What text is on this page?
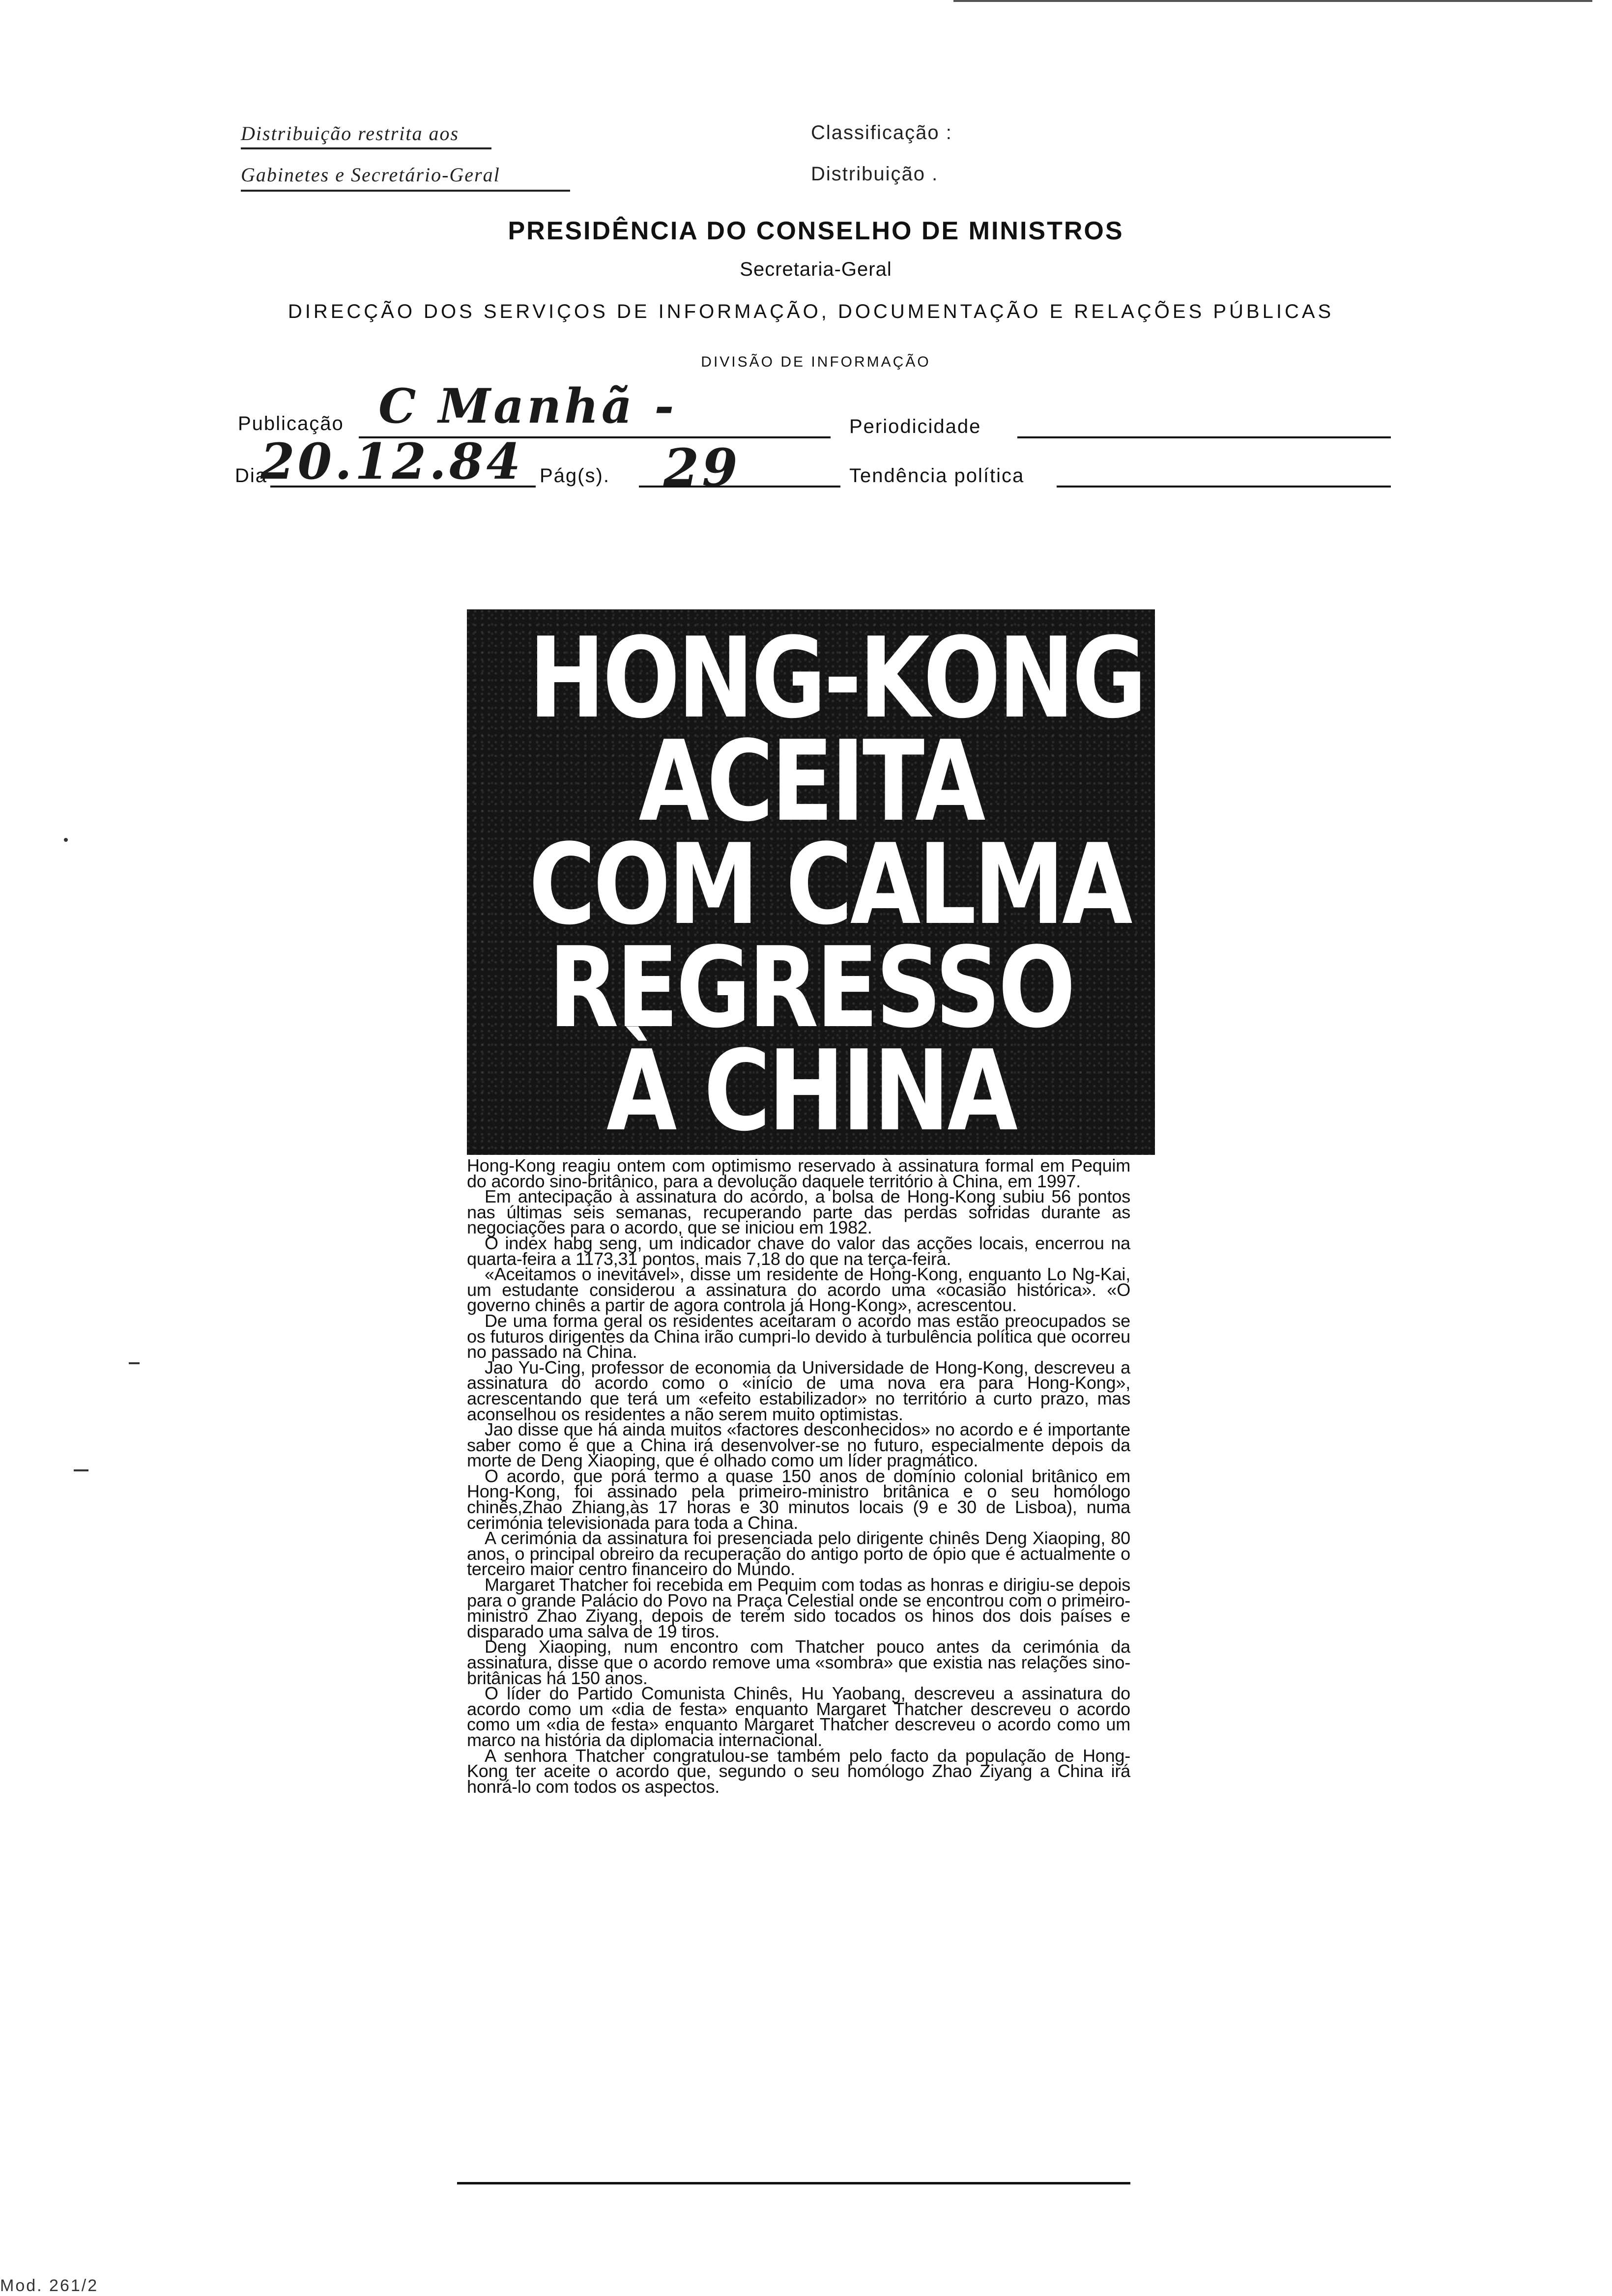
Distribuição restrita aos
Gabinetes e Secretário-Geral
Classificação :
Distribuição .
PRESIDÊNCIA DO CONSELHO DE MINISTROS
Secretaria-Geral
DIRECÇÃO DOS SERVIÇOS DE INFORMAÇÃO, DOCUMENTAÇÃO E RELAÇÕES PÚBLICAS
DIVISÃO DE INFORMAÇÃO
Publicação C Manhã -	Periodicidade
Dia
20.12.84 Pág(s). 29	Tendência política
HONG-KONG
ACEITA
COM CALMA
REGRESSO
À CHINA

Hong-Kong reagiu ontem com optimismo reservado à assinatura formal em Pequim do acordo sino-britânico, para a devolução daquele território à China, em 1997.

Em antecipação à assinatura do acordo, a bolsa de Hong-Kong subiu 56 pontos nas últimas seis semanas, recuperando parte das perdas sofridas durante as negociações para o acordo, que se iniciou em 1982.

O index habg seng, um indicador chave do valor das acções locais, encerrou na quarta-feira a 1173,31 pontos, mais 7,18 do que na terça-feira.

«Aceitamos o inevitável», disse um residente de Hong-Kong, enquanto Lo Ng-Kai, um estudante considerou a assinatura do acordo uma «ocasião histórica». «O governo chinês a partir de agora controla já Hong-Kong», acrescentou.

De uma forma geral os residentes aceitaram o acordo mas estão preocupados se os futuros dirigentes da China irão cumpri-lo devido à turbulência política que ocorreu no passado na China.

Jao Yu-Cing, professor de economia da Universidade de Hong-Kong, descreveu a assinatura do acordo como o «início de uma nova era para Hong-Kong», acrescentando que terá um «efeito estabilizador» no território a curto prazo, mas aconselhou os residentes a não serem muito optimistas.

Jao disse que há ainda muitos «factores desconhecidos» no acordo e é importante saber como é que a China irá desenvolver-se no futuro, especialmente depois da morte de Deng Xiaoping, que é olhado como um líder pragmático.

O acordo, que porá termo a quase 150 anos de domínio colonial britânico em Hong-Kong, foi assinado pela primeiro-ministro britânica e o seu homólogo chinês,Zhao Zhiang,às 17 horas e 30 minutos locais (9 e 30 de Lisboa), numa cerimónia televisionada para toda a China.

A cerimónia da assinatura foi presenciada pelo dirigente chinês Deng Xiaoping, 80 anos, o principal obreiro da recuperação do antigo porto de ópio que é actualmente o terceiro maior centro financeiro do Mundo.

Margaret Thatcher foi recebida em Pequim com todas as honras e dirigiu-se depois para o grande Palácio do Povo na Praça Celestial onde se encontrou com o primeiro-ministro Zhao Ziyang, depois de terem sido tocados os hinos dos dois países e disparado uma salva de 19 tiros.

Deng Xiaoping, num encontro com Thatcher pouco antes da cerimónia da assinatura, disse que o acordo remove uma «sombra» que existia nas relações sino-britânicas há 150 anos.

O líder do Partido Comunista Chinês, Hu Yaobang, descreveu a assinatura do acordo como um «dia de festa» enquanto Margaret Thatcher descreveu o acordo como um «dia de festa» enquanto Margaret Thatcher descreveu o acordo como um marco na história da diplomacia internacional.

A senhora Thatcher congratulou-se também pelo facto da população de Hong-Kong ter aceite o acordo que, segundo o seu homólogo Zhao Ziyang a China irá honrá-lo com todos os aspectos.

Mod. 261/2
